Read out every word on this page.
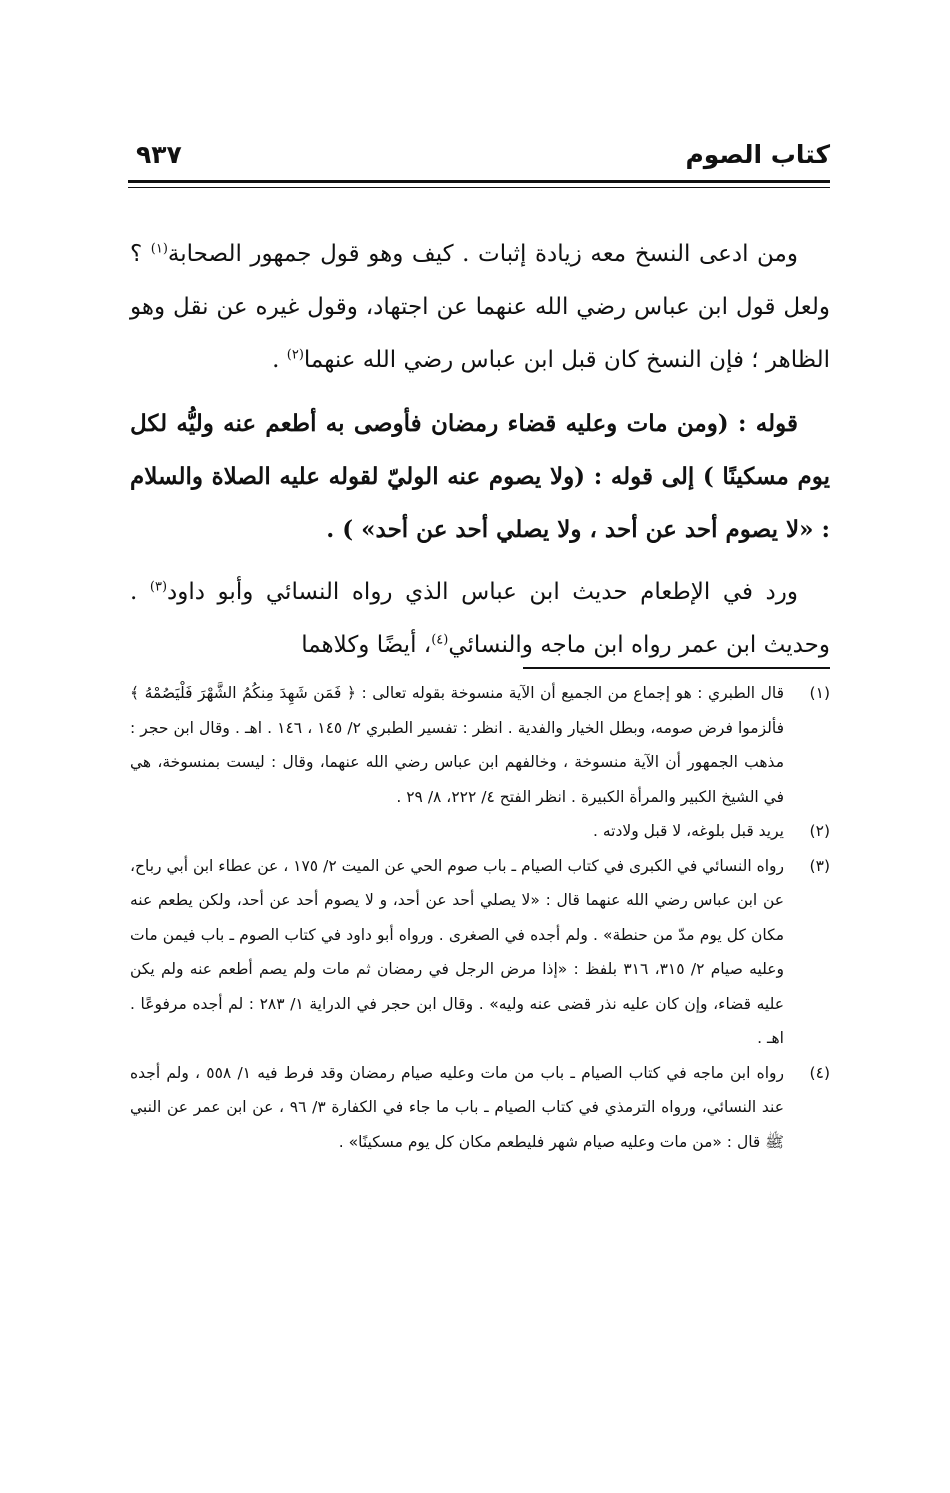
كتاب الصوم
٩٣٧

ومن ادعى النسخ معه زيادة إثبات . كيف وهو قول جمهور الصحابة$^{(١)}$ ؟ ولعل قول ابن عباس رضي الله عنهما عن اجتهاد، وقول غيره عن نقل وهو الظاهر ؛ فإن النسخ كان قبل ابن عباس رضي الله عنهما$^{(٢)}$ .

قوله : (ومن مات وعليه قضاء رمضان فأوصى به أطعم عنه وليُّه لكل يوم مسكينًا ) إلى قوله : (ولا يصوم عنه الوليّ لقوله عليه الصلاة والسلام : «لا يصوم أحد عن أحد ، ولا يصلي أحد عن أحد» ) .

ورد في الإطعام حديث ابن عباس الذي رواه النسائي وأبو داود$^{(٣)}$ . وحديث ابن عمر رواه ابن ماجه والنسائي$^{(٤)}$، أيضًا وكلاهما

(١)
قال الطبري : هو إجماع من الجميع أن الآية منسوخة بقوله تعالى : ﴿ فَمَن شَهِدَ مِنكُمُ الشَّهْرَ فَلْيَصُمْهُ ﴾ فألزموا فرض صومه، وبطل الخيار والفدية . انظر : تفسير الطبري ٢/ ١٤٥ ، ١٤٦ . اهـ . وقال ابن حجر : مذهب الجمهور أن الآية منسوخة ، وخالفهم ابن عباس رضي الله عنهما، وقال : ليست بمنسوخة، هي في الشيخ الكبير والمرأة الكبيرة . انظر الفتح ٤/ ٢٢٢، ٨/ ٢٩ .

(٢)
يريد قبل بلوغه، لا قبل ولادته .

(٣)
رواه النسائي في الكبرى في كتاب الصيام ـ باب صوم الحي عن الميت ٢/ ١٧٥ ، عن عطاء ابن أبي رباح، عن ابن عباس رضي الله عنهما قال : «لا يصلي أحد عن أحد، و لا يصوم أحد عن أحد، ولكن يطعم عنه مكان كل يوم مدّ من حنطة» . ولم أجده في الصغرى . ورواه أبو داود في كتاب الصوم ـ باب فيمن مات وعليه صيام ٢/ ٣١٥، ٣١٦ بلفظ : «إذا مرض الرجل في رمضان ثم مات ولم يصم أطعم عنه ولم يكن عليه قضاء، وإن كان عليه نذر قضى عنه وليه» . وقال ابن حجر في الدراية ١/ ٢٨٣ : لم أجده مرفوعًا . اهـ .

(٤)
رواه ابن ماجه في كتاب الصيام ـ باب من مات وعليه صيام رمضان وقد فرط فيه ١/ ٥٥٨ ، ولم أجده عند النسائي، ورواه الترمذي في كتاب الصيام ـ باب ما جاء في الكفارة ٣/ ٩٦ ، عن ابن عمر عن النبي ﷺ قال : «من مات وعليه صيام شهر فليطعم مكان كل يوم مسكينًا» .
